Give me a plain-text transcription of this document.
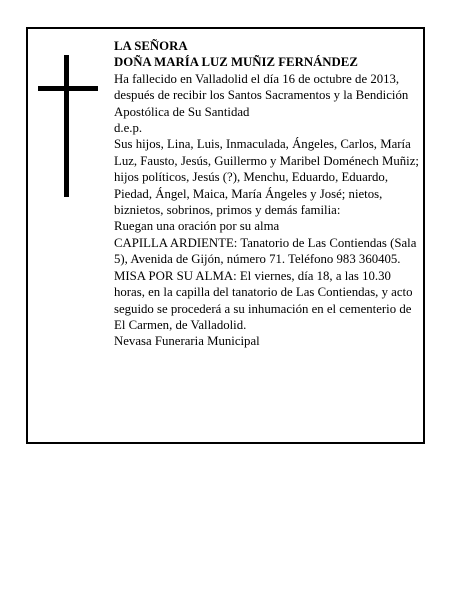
LA SEÑORA

DOÑA MARÍA LUZ MUÑIZ FERNÁNDEZ

Ha fallecido en Valladolid el día 16 de octubre de 2013, después de recibir los Santos Sacramentos y la Bendición Apostólica de Su Santidad

d.e.p.

Sus hijos, Lina, Luis, Inmaculada, Ángeles, Carlos, María Luz, Fausto, Jesús, Guillermo y Maribel Doménech Muñiz; hijos políticos, Jesús (?), Menchu, Eduardo, Eduardo, Piedad, Ángel, Maica, María Ángeles y José; nietos, biznietos, sobrinos, primos y demás familia:

Ruegan una oración por su alma

CAPILLA ARDIENTE: Tanatorio de Las Contiendas (Sala 5), Avenida de Gijón, número 71. Teléfono 983 360405.

MISA POR SU ALMA: El viernes, día 18, a las 10.30 horas, en la capilla del tanatorio de Las Contiendas, y acto seguido se procederá a su inhumación en el cementerio de El Carmen, de Valladolid.

Nevasa Funeraria Municipal
